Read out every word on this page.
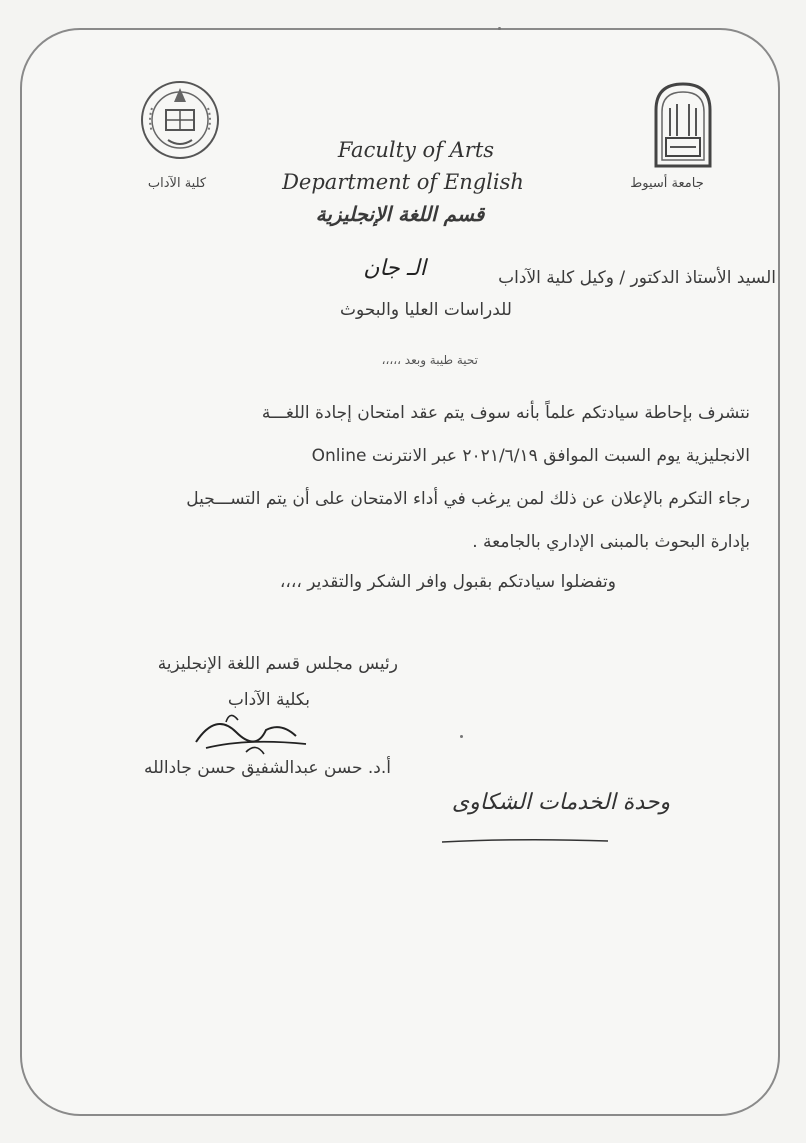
كلية الآداب	جامعة أسيوط
Faculty of Arts
Department of English
قسم اللغة الإنجليزية
السيد الأستاذ الدكتور / وكيل كلية الآداب
الـ جان
للدراسات العليا والبحوث
تحية طيبة وبعد ،،،،،
نتشرف بإحاطة سيادتكم علماً بأنه سوف يتم عقد امتحان إجادة اللغـــة
الانجليزية يوم السبت الموافق ٢٠٢١/٦/١٩ عبر الانترنت Online
رجاء التكرم بالإعلان عن ذلك لمن يرغب في أداء الامتحان على أن يتم التســـجيل
بإدارة البحوث بالمبنى الإداري بالجامعة .
وتفضلوا سيادتكم بقبول وافر الشكر والتقدير ،،،،
رئيس مجلس قسم اللغة الإنجليزية
بكلية الآداب
أ.د. حسن عبدالشفيق حسن جادالله
وحدة الخدمات الشكاوى
